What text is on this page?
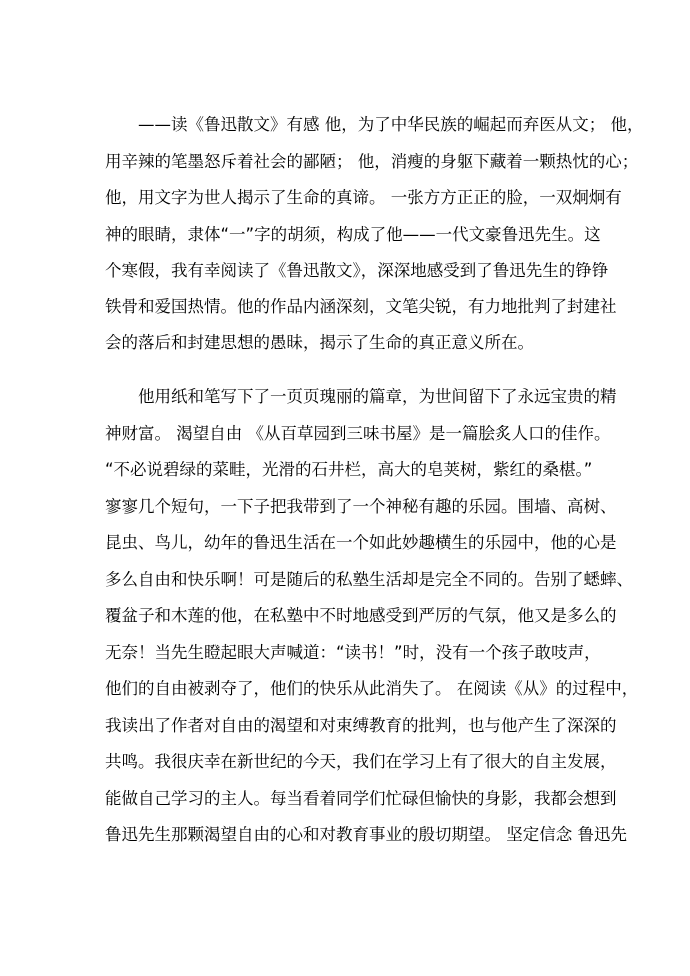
　　——读《鲁迅散文》有感 他，为了中华民族的崛起而弃医从文； 他，
用辛辣的笔墨怒斥着社会的鄙陋； 他，消瘦的身躯下藏着一颗热忱的心；
他，用文字为世人揭示了生命的真谛。 一张方方正正的脸，一双炯炯有
神的眼睛，隶体“一”字的胡须，构成了他——一代文豪鲁迅先生。这
个寒假，我有幸阅读了《鲁迅散文》，深深地感受到了鲁迅先生的铮铮
铁骨和爱国热情。他的作品内涵深刻，文笔尖锐，有力地批判了封建社
会的落后和封建思想的愚昧，揭示了生命的真正意义所在。
　　他用纸和笔写下了一页页瑰丽的篇章，为世间留下了永远宝贵的精
神财富。 渴望自由 《从百草园到三味书屋》是一篇脍炙人口的佳作。
“不必说碧绿的菜畦，光滑的石井栏，高大的皂荚树，紫红的桑椹。”
寥寥几个短句，一下子把我带到了一个神秘有趣的乐园。围墙、高树、
昆虫、鸟儿，幼年的鲁迅生活在一个如此妙趣横生的乐园中，他的心是
多么自由和快乐啊！可是随后的私塾生活却是完全不同的。告别了蟋蟀、
覆盆子和木莲的他，在私塾中不时地感受到严厉的气氛，他又是多么的
无奈！当先生瞪起眼大声喊道：“读书！”时，没有一个孩子敢吱声，
他们的自由被剥夺了，他们的快乐从此消失了。 在阅读《从》的过程中，
我读出了作者对自由的渴望和对束缚教育的批判，也与他产生了深深的
共鸣。我很庆幸在新世纪的今天，我们在学习上有了很大的自主发展，
能做自己学习的主人。每当看着同学们忙碌但愉快的身影，我都会想到
鲁迅先生那颗渴望自由的心和对教育事业的殷切期望。 坚定信念 鲁迅先
